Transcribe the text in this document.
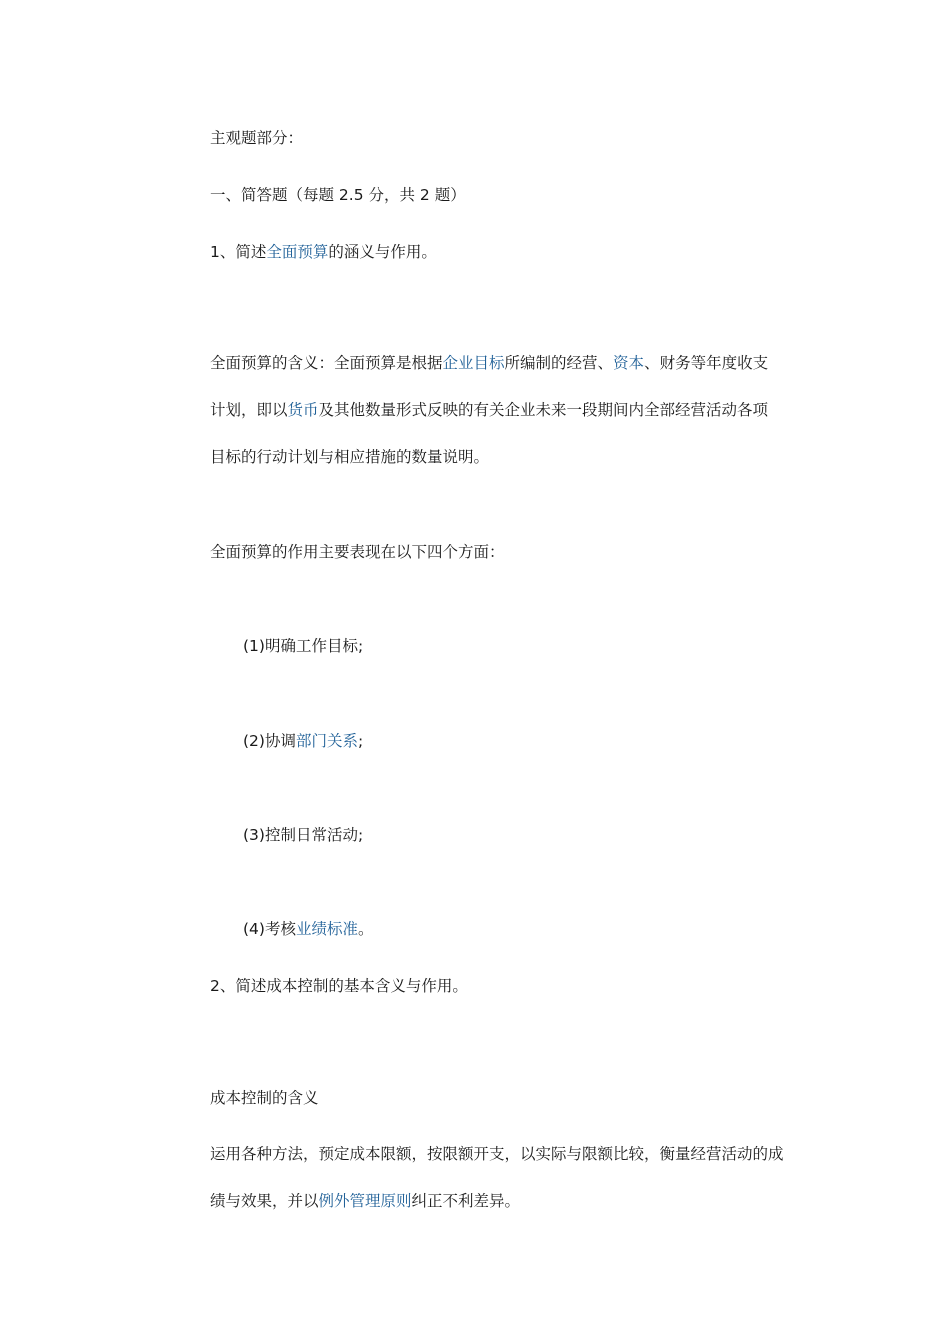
主观题部分：
一、简答题（每题 2.5 分，共 2 题）
1、简述全面预算的涵义与作用。
全面预算的含义：全面预算是根据企业目标所编制的经营、资本、财务等年度收支
计划，即以货币及其他数量形式反映的有关企业未来一段期间内全部经营活动各项
目标的行动计划与相应措施的数量说明。
全面预算的作用主要表现在以下四个方面：
(1)明确工作目标;
(2)协调部门关系;
(3)控制日常活动;
(4)考核业绩标准。
2、简述成本控制的基本含义与作用。
成本控制的含义
运用各种方法，预定成本限额，按限额开支，以实际与限额比较，衡量经营活动的成
绩与效果，并以例外管理原则纠正不利差异。
